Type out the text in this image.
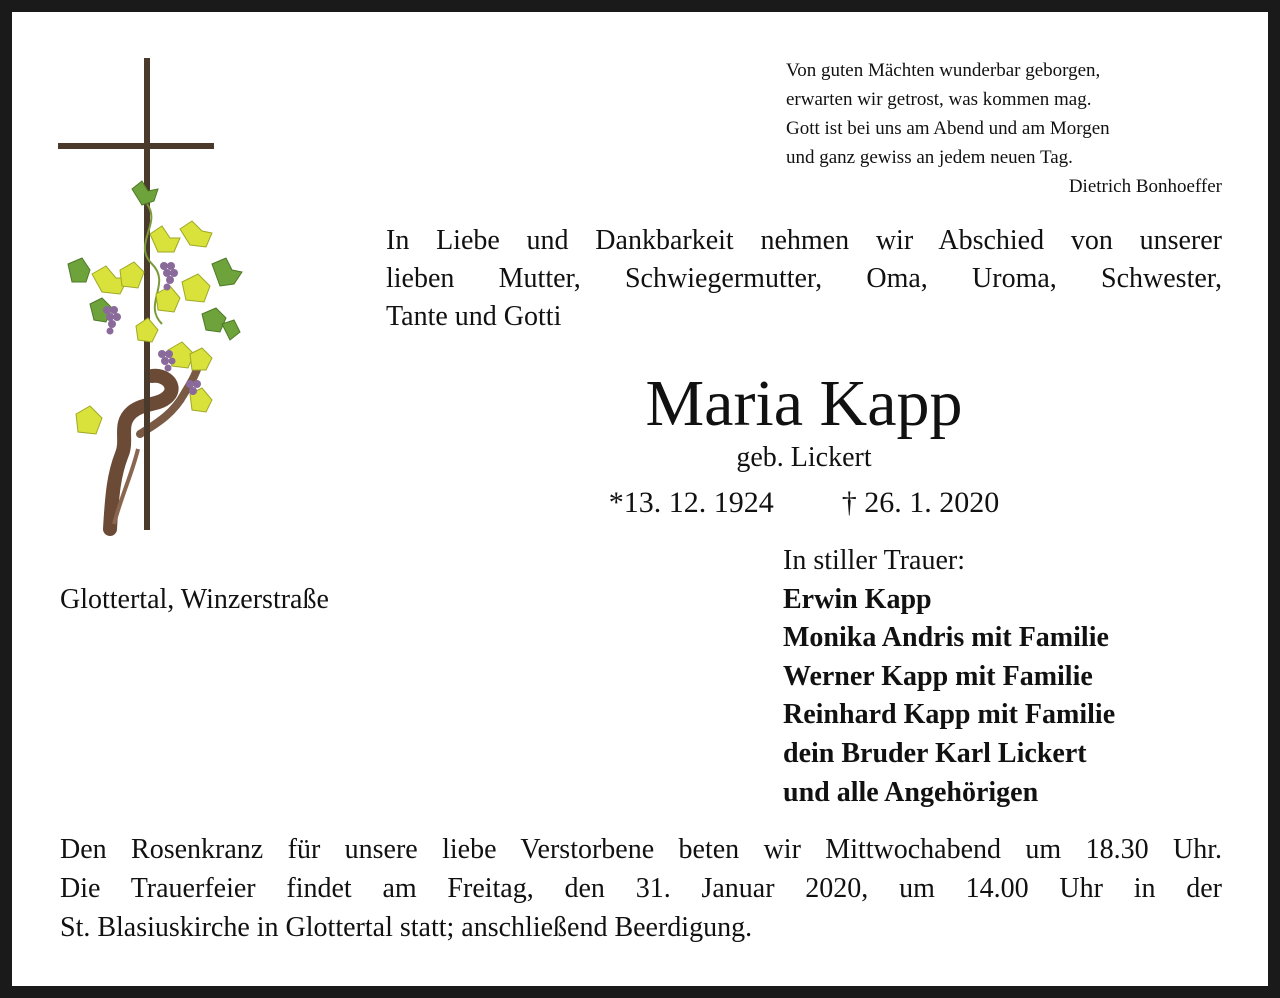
Von guten Mächten wunderbar geborgen,
erwarten wir getrost, was kommen mag.
Gott ist bei uns am Abend und am Morgen
und ganz gewiss an jedem neuen Tag.
Dietrich Bonhoeffer
In Liebe und Dankbarkeit nehmen wir Abschied von unserer
lieben Mutter, Schwiegermutter, Oma, Uroma, Schwester,
Tante und Gotti
Maria Kapp
geb. Lickert
*13. 12. 1924 † 26. 1. 2020
Glottertal, Winzerstraße
In stiller Trauer:
Erwin Kapp
Monika Andris mit Familie
Werner Kapp mit Familie
Reinhard Kapp mit Familie
dein Bruder Karl Lickert
und alle Angehörigen
Den Rosenkranz für unsere liebe Verstorbene beten wir Mittwochabend um 18.30 Uhr.
Die Trauerfeier findet am Freitag, den 31. Januar 2020, um 14.00 Uhr in der
St. Blasiuskirche in Glottertal statt; anschließend Beerdigung.
